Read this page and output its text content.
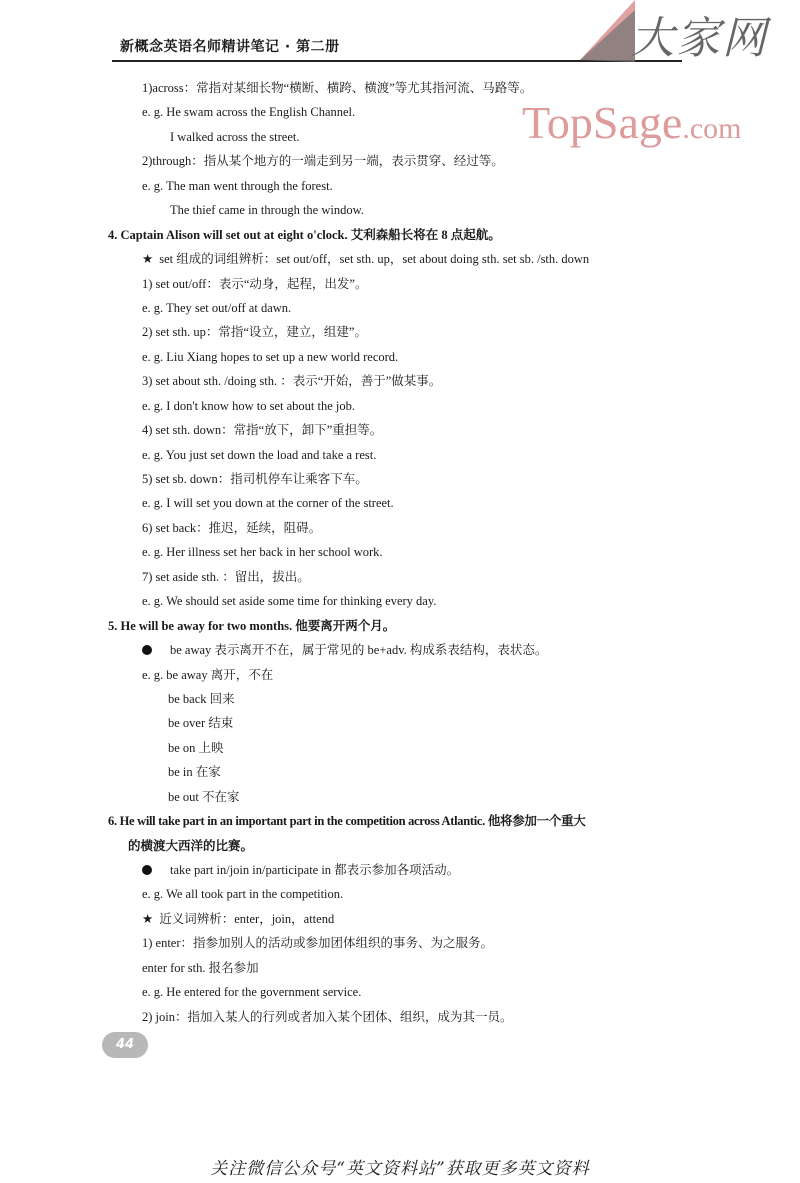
新概念英语名师精讲笔记 · 第二册	大家网
TopSage.com
1)across：常指对某细长物“横断、横跨、横渡”等尤其指河流、马路等。
e. g. He swam across the English Channel.
I walked across the street.
2)through：指从某个地方的一端走到另一端，表示贯穿、经过等。
e. g. The man went through the forest.
The thief came in through the window.
4. Captain Alison will set out at eight o'clock. 艾利森船长将在 8 点起航。
★ set 组成的词组辨析：set out/off，set sth. up，set about doing sth. set sb. /sth. down
1) set out/off：表示“动身，起程，出发”。
e. g. They set out/off at dawn.
2) set sth. up：常指“设立，建立，组建”。
e. g. Liu Xiang hopes to set up a new world record.
3) set about sth. /doing sth. ：表示“开始，善于”做某事。
e. g. I don't know how to set about the job.
4) set sth. down：常指“放下，卸下”重担等。
e. g. You just set down the load and take a rest.
5) set sb. down：指司机停车让乘客下车。
e. g. I will set you down at the corner of the street.
6) set back：推迟，延续，阻碍。
e. g. Her illness set her back in her school work.
7) set aside sth. ：留出，拔出。
e. g. We should set aside some time for thinking every day.
5. He will be away for two months. 他要离开两个月。
be away 表示离开不在，属于常见的 be+adv. 构成系表结构，表状态。
e. g. be away 离开，不在
be back 回来
be over 结束
be on 上映
be in 在家
be out 不在家
6. He will take part in an important part in the competition across Atlantic. 他将参加一个重大
的横渡大西洋的比赛。
take part in/join in/participate in 都表示参加各项活动。
e. g. We all took part in the competition.
★ 近义词辨析：enter，join，attend
1) enter：指参加别人的活动或参加团体组织的事务、为之服务。
enter for sth. 报名参加
e. g. He entered for the government service.
2) join：指加入某人的行列或者加入某个团体、组织，成为其一员。
44
关注微信公众号“英文资料站”获取更多英文资料
